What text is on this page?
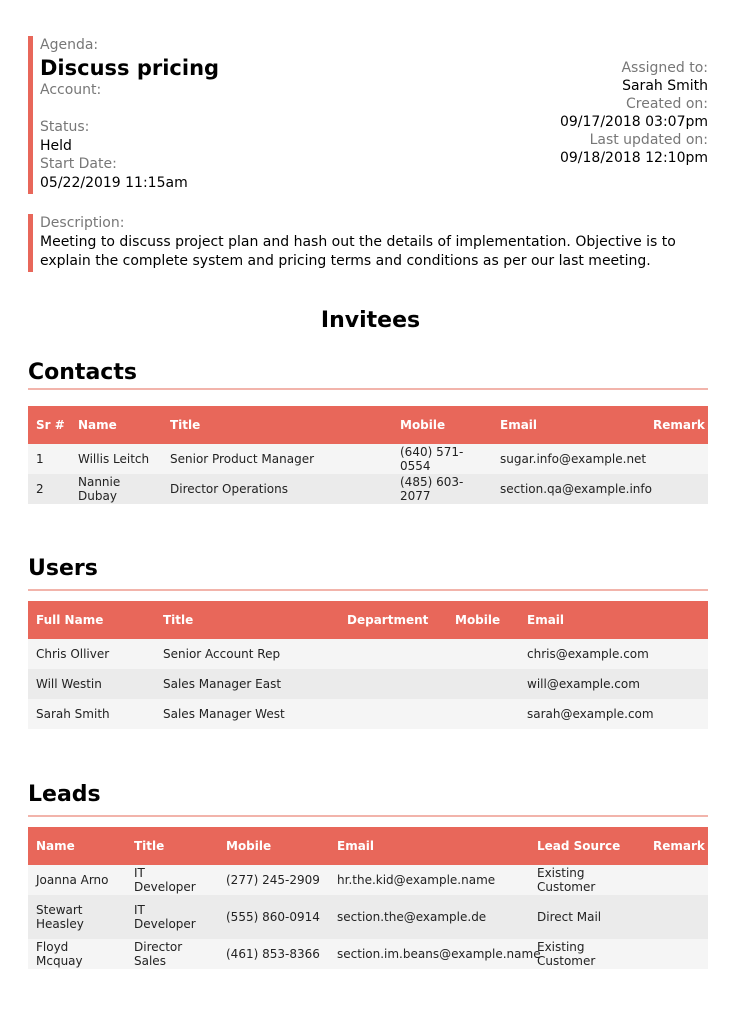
Agenda:
Discuss pricing
Account:

Status:
Held
Start Date:
05/22/2019 11:15am
Assigned to:
Sarah Smith
Created on:
09/17/2018 03:07pm
Last updated on:
09/18/2018 12:10pm
Description:
Meeting to discuss project plan and hash out the details of implementation. Objective is to
explain the complete system and pricing terms and conditions as per our last meeting.
Invitees
Contacts
Sr #	Name	Title	Mobile	Email	Remark
1	Willis Leitch	Senior Product Manager	(640) 571-0554	sugar.info@example.net	
2	Nannie Dubay	Director Operations	(485) 603-2077	section.qa@example.info	
Users
Full Name	Title	Department	Mobile	Email
Chris Olliver	Senior Account Rep			chris@example.com
Will Westin	Sales Manager East			will@example.com
Sarah Smith	Sales Manager West			sarah@example.com
Leads
Name	Title	Mobile	Email	Lead Source	Remark
Joanna Arno	IT Developer	(277) 245-2909	hr.the.kid@example.name	Existing Customer	
Stewart Heasley	IT Developer	(555) 860-0914	section.the@example.de	Direct Mail	
Floyd Mcquay	Director Sales	(461) 853-8366	section.im.beans@example.name	Existing Customer	
